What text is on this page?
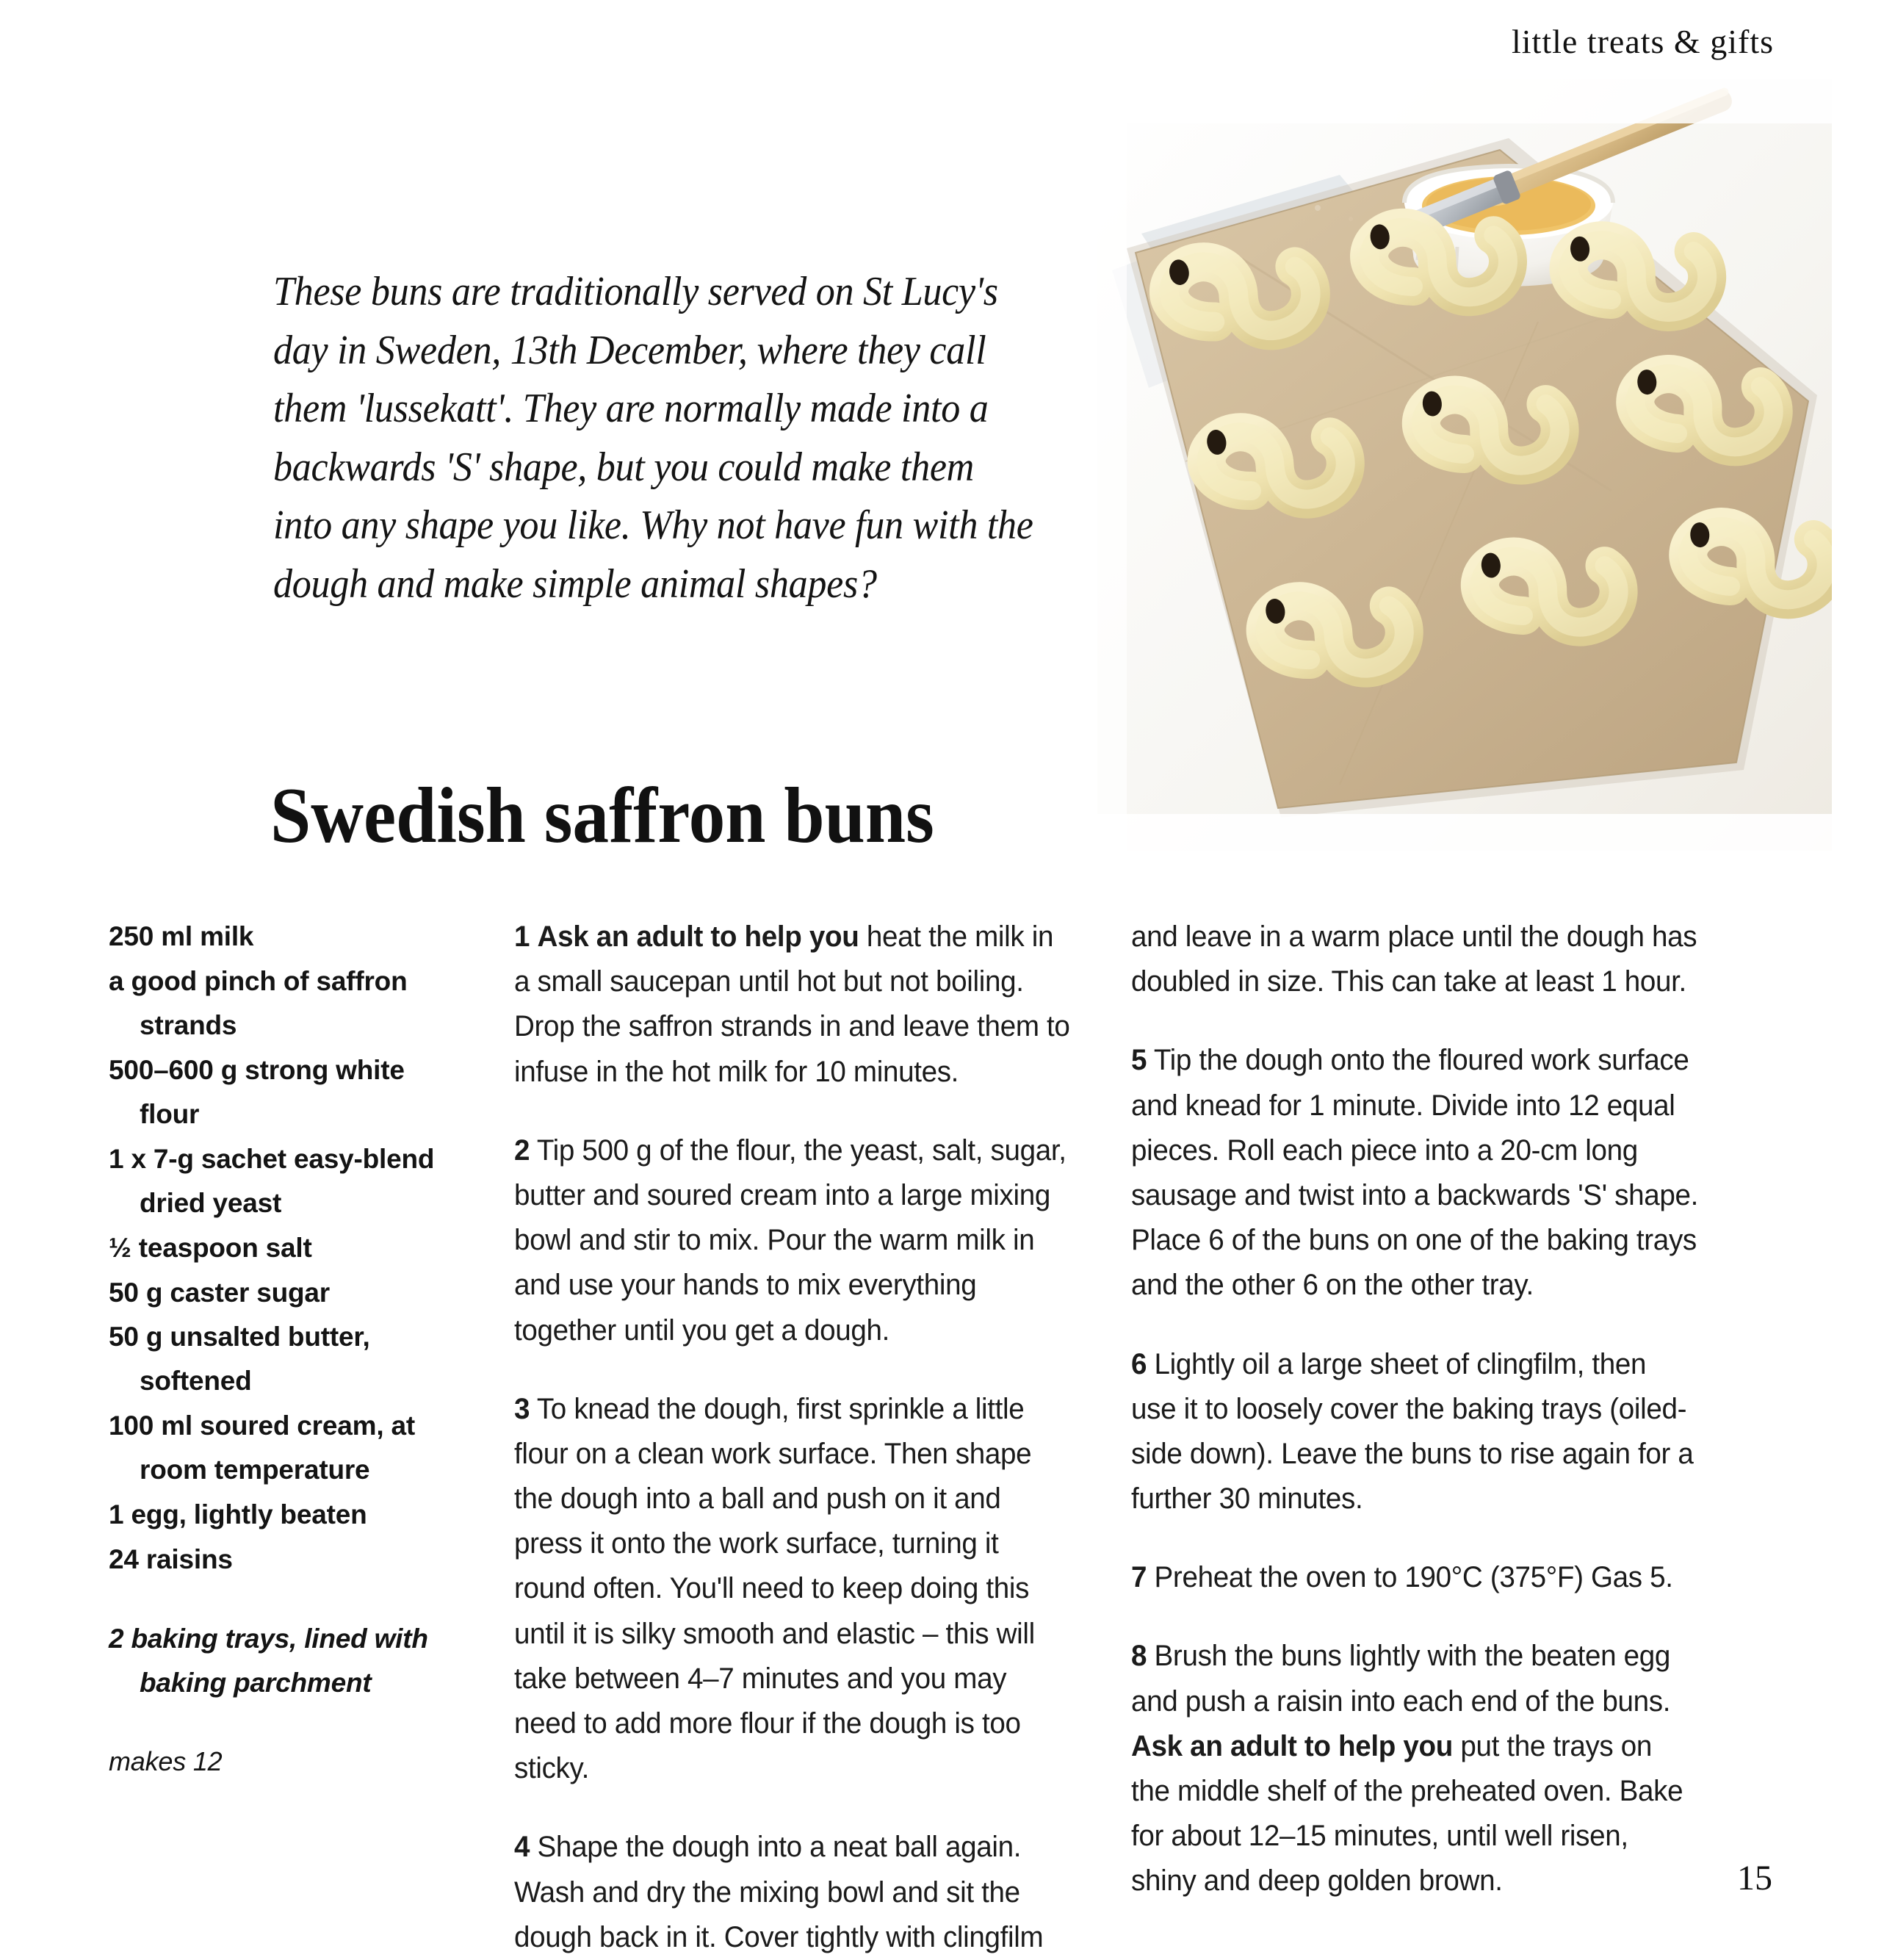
little treats & gifts
These buns are traditionally served on St Lucy's day in Sweden, 13th December, where they call them 'lussekatt'. They are normally made into a backwards 'S' shape, but you could make them into any shape you like. Why not have fun with the dough and make simple animal shapes?
Swedish saffron buns
250 ml milk
a good pinch of saffron strands
500–600 g strong white flour
1 x 7-g sachet easy-blend dried yeast
½ teaspoon salt
50 g caster sugar
50 g unsalted butter, softened
100 ml soured cream, at room temperature
1 egg, lightly beaten
24 raisins
2 baking trays, lined with baking parchment
makes 12

1 Ask an adult to help you heat the milk in a small saucepan until hot but not boiling. Drop the saffron strands in and leave them to infuse in the hot milk for 10 minutes.

2 Tip 500 g of the flour, the yeast, salt, sugar, butter and soured cream into a large mixing bowl and stir to mix. Pour the warm milk in and use your hands to mix everything together until you get a dough.

3 To knead the dough, first sprinkle a little flour on a clean work surface. Then shape the dough into a ball and push on it and press it onto the work surface, turning it round often. You'll need to keep doing this until it is silky smooth and elastic – this will take between 4–7 minutes and you may need to add more flour if the dough is too sticky.

4 Shape the dough into a neat ball again. Wash and dry the mixing bowl and sit the dough back in it. Cover tightly with clingfilm

and leave in a warm place until the dough has doubled in size. This can take at least 1 hour.

5 Tip the dough onto the floured work surface and knead for 1 minute. Divide into 12 equal pieces. Roll each piece into a 20-cm long sausage and twist into a backwards 'S' shape. Place 6 of the buns on one of the baking trays and the other 6 on the other tray.

6 Lightly oil a large sheet of clingfilm, then use it to loosely cover the baking trays (oiled-side down). Leave the buns to rise again for a further 30 minutes.

7 Preheat the oven to 190°C (375°F) Gas 5.

8 Brush the buns lightly with the beaten egg and push a raisin into each end of the buns. Ask an adult to help you put the trays on the middle shelf of the preheated oven. Bake for about 12–15 minutes, until well risen, shiny and deep golden brown.	15
